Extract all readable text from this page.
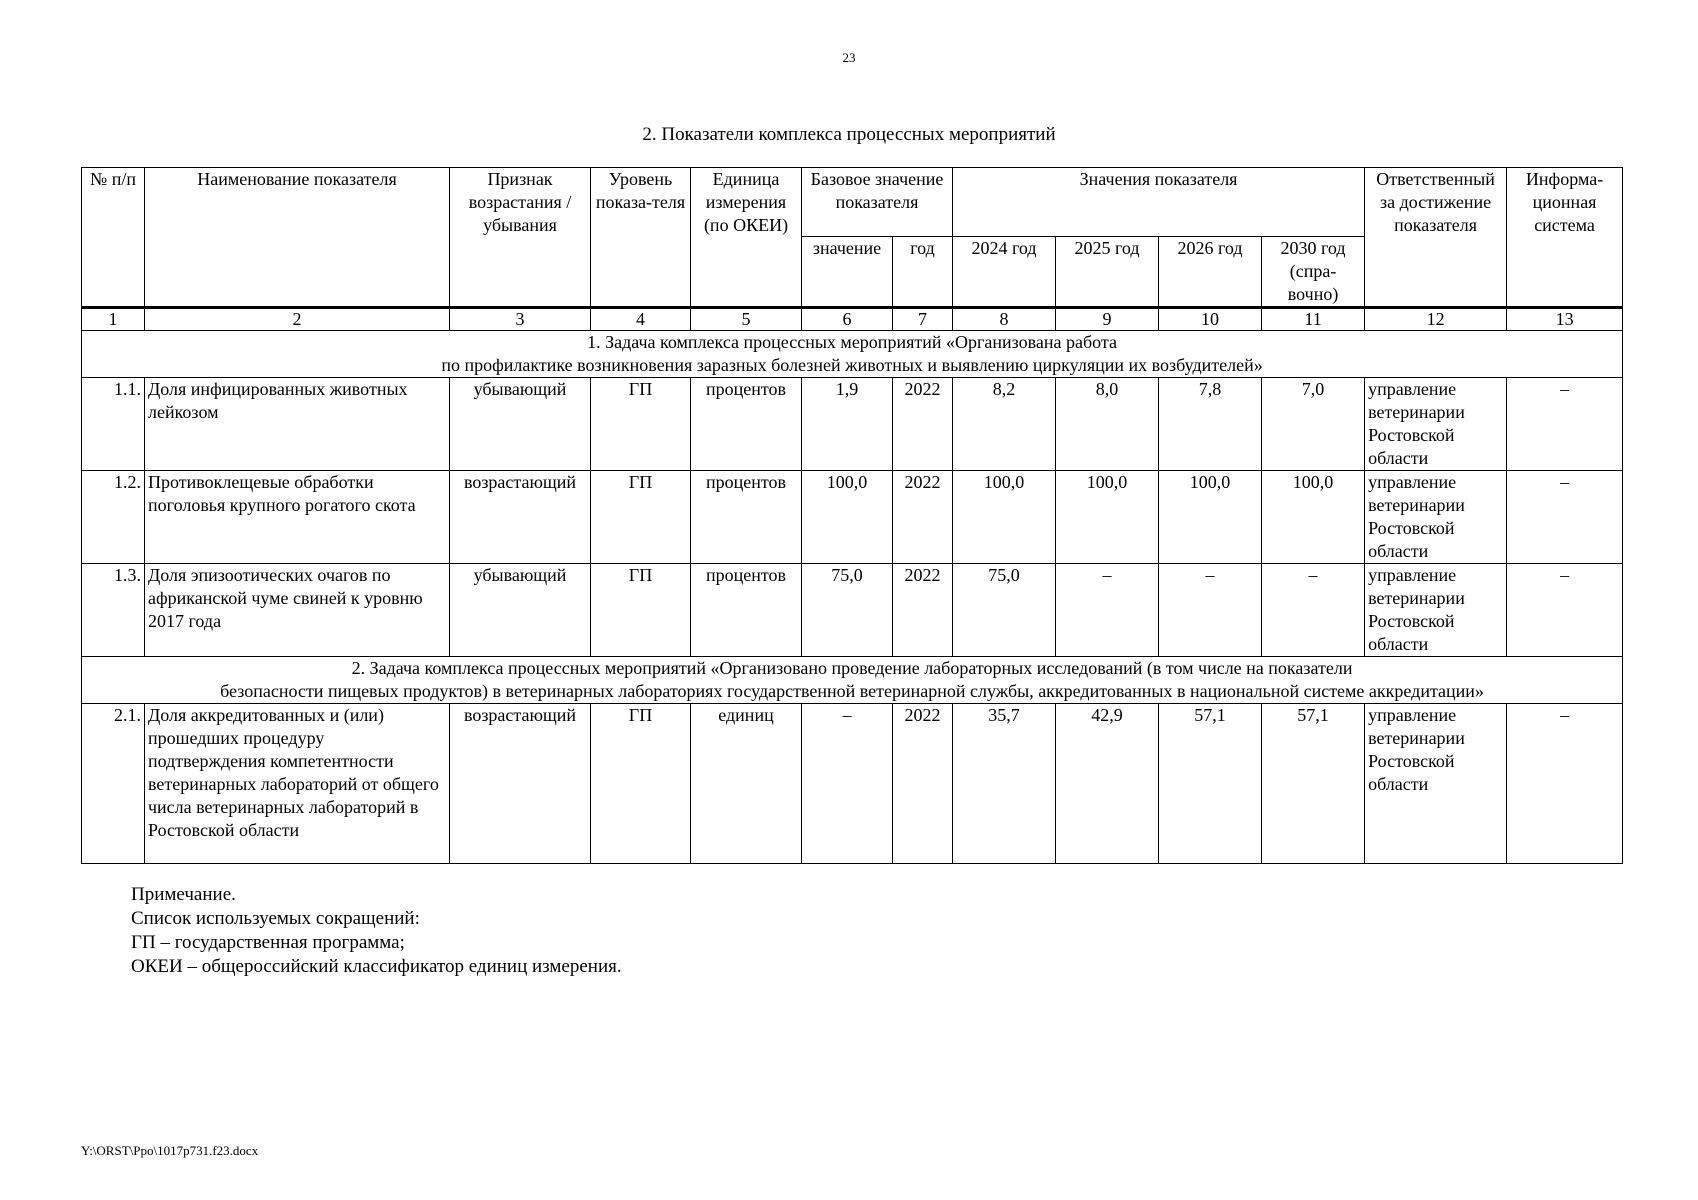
23
2. Показатели комплекса процессных мероприятий
№ п/п	Наименование показателя	Признак возрастания / убывания	Уровень показа-теля	Единица измерения (по ОКЕИ)	Базовое значение показателя		Значения показателя				Ответственный за достижение показателя	Информа-ционная система
					значение	год	2024 год	2025 год	2026 год	2030 год (спра-вочно)		
1	2	3	4	5	6	7	8	9	10	11	12	13

1. Задача комплекса процессных мероприятий «Организована работа
по профилактике возникновения заразных болезней животных и выявлению циркуляции их возбудителей»												

1.1.	Доля инфицированных животных лейкозом	убывающий	ГП	процентов	1,9	2022	8,2	8,0	7,8	7,0	управление ветеринарии Ростовской области	–
1.2.	Противоклещевые обработки поголовья крупного рогатого скота	возрастающий	ГП	процентов	100,0	2022	100,0	100,0	100,0	100,0	управление ветеринарии Ростовской области	–
1.3.	Доля эпизоотических очагов по африканской чуме свиней к уровню 2017 года	убывающий	ГП	процентов	75,0	2022	75,0	–	–	–	управление ветеринарии Ростовской области	–

2. Задача комплекса процессных мероприятий «Организовано проведение лабораторных исследований (в том числе на показатели
безопасности пищевых продуктов) в ветеринарных лабораториях государственной ветеринарной службы, аккредитованных в национальной системе аккредитации»												

2.1.	Доля аккредитованных и (или) прошедших процедуру подтверждения компетентности ветеринарных лабораторий от общего числа ветеринарных лабораторий в Ростовской области	возрастающий	ГП	единиц	–	2022	35,7	42,9	57,1	57,1	управление ветеринарии Ростовской области	–
Примечание.
Список используемых сокращений:
ГП – государственная программа;
ОКЕИ – общероссийский классификатор единиц измерения.
Y:\ORST\Ppo\1017p731.f23.docx
